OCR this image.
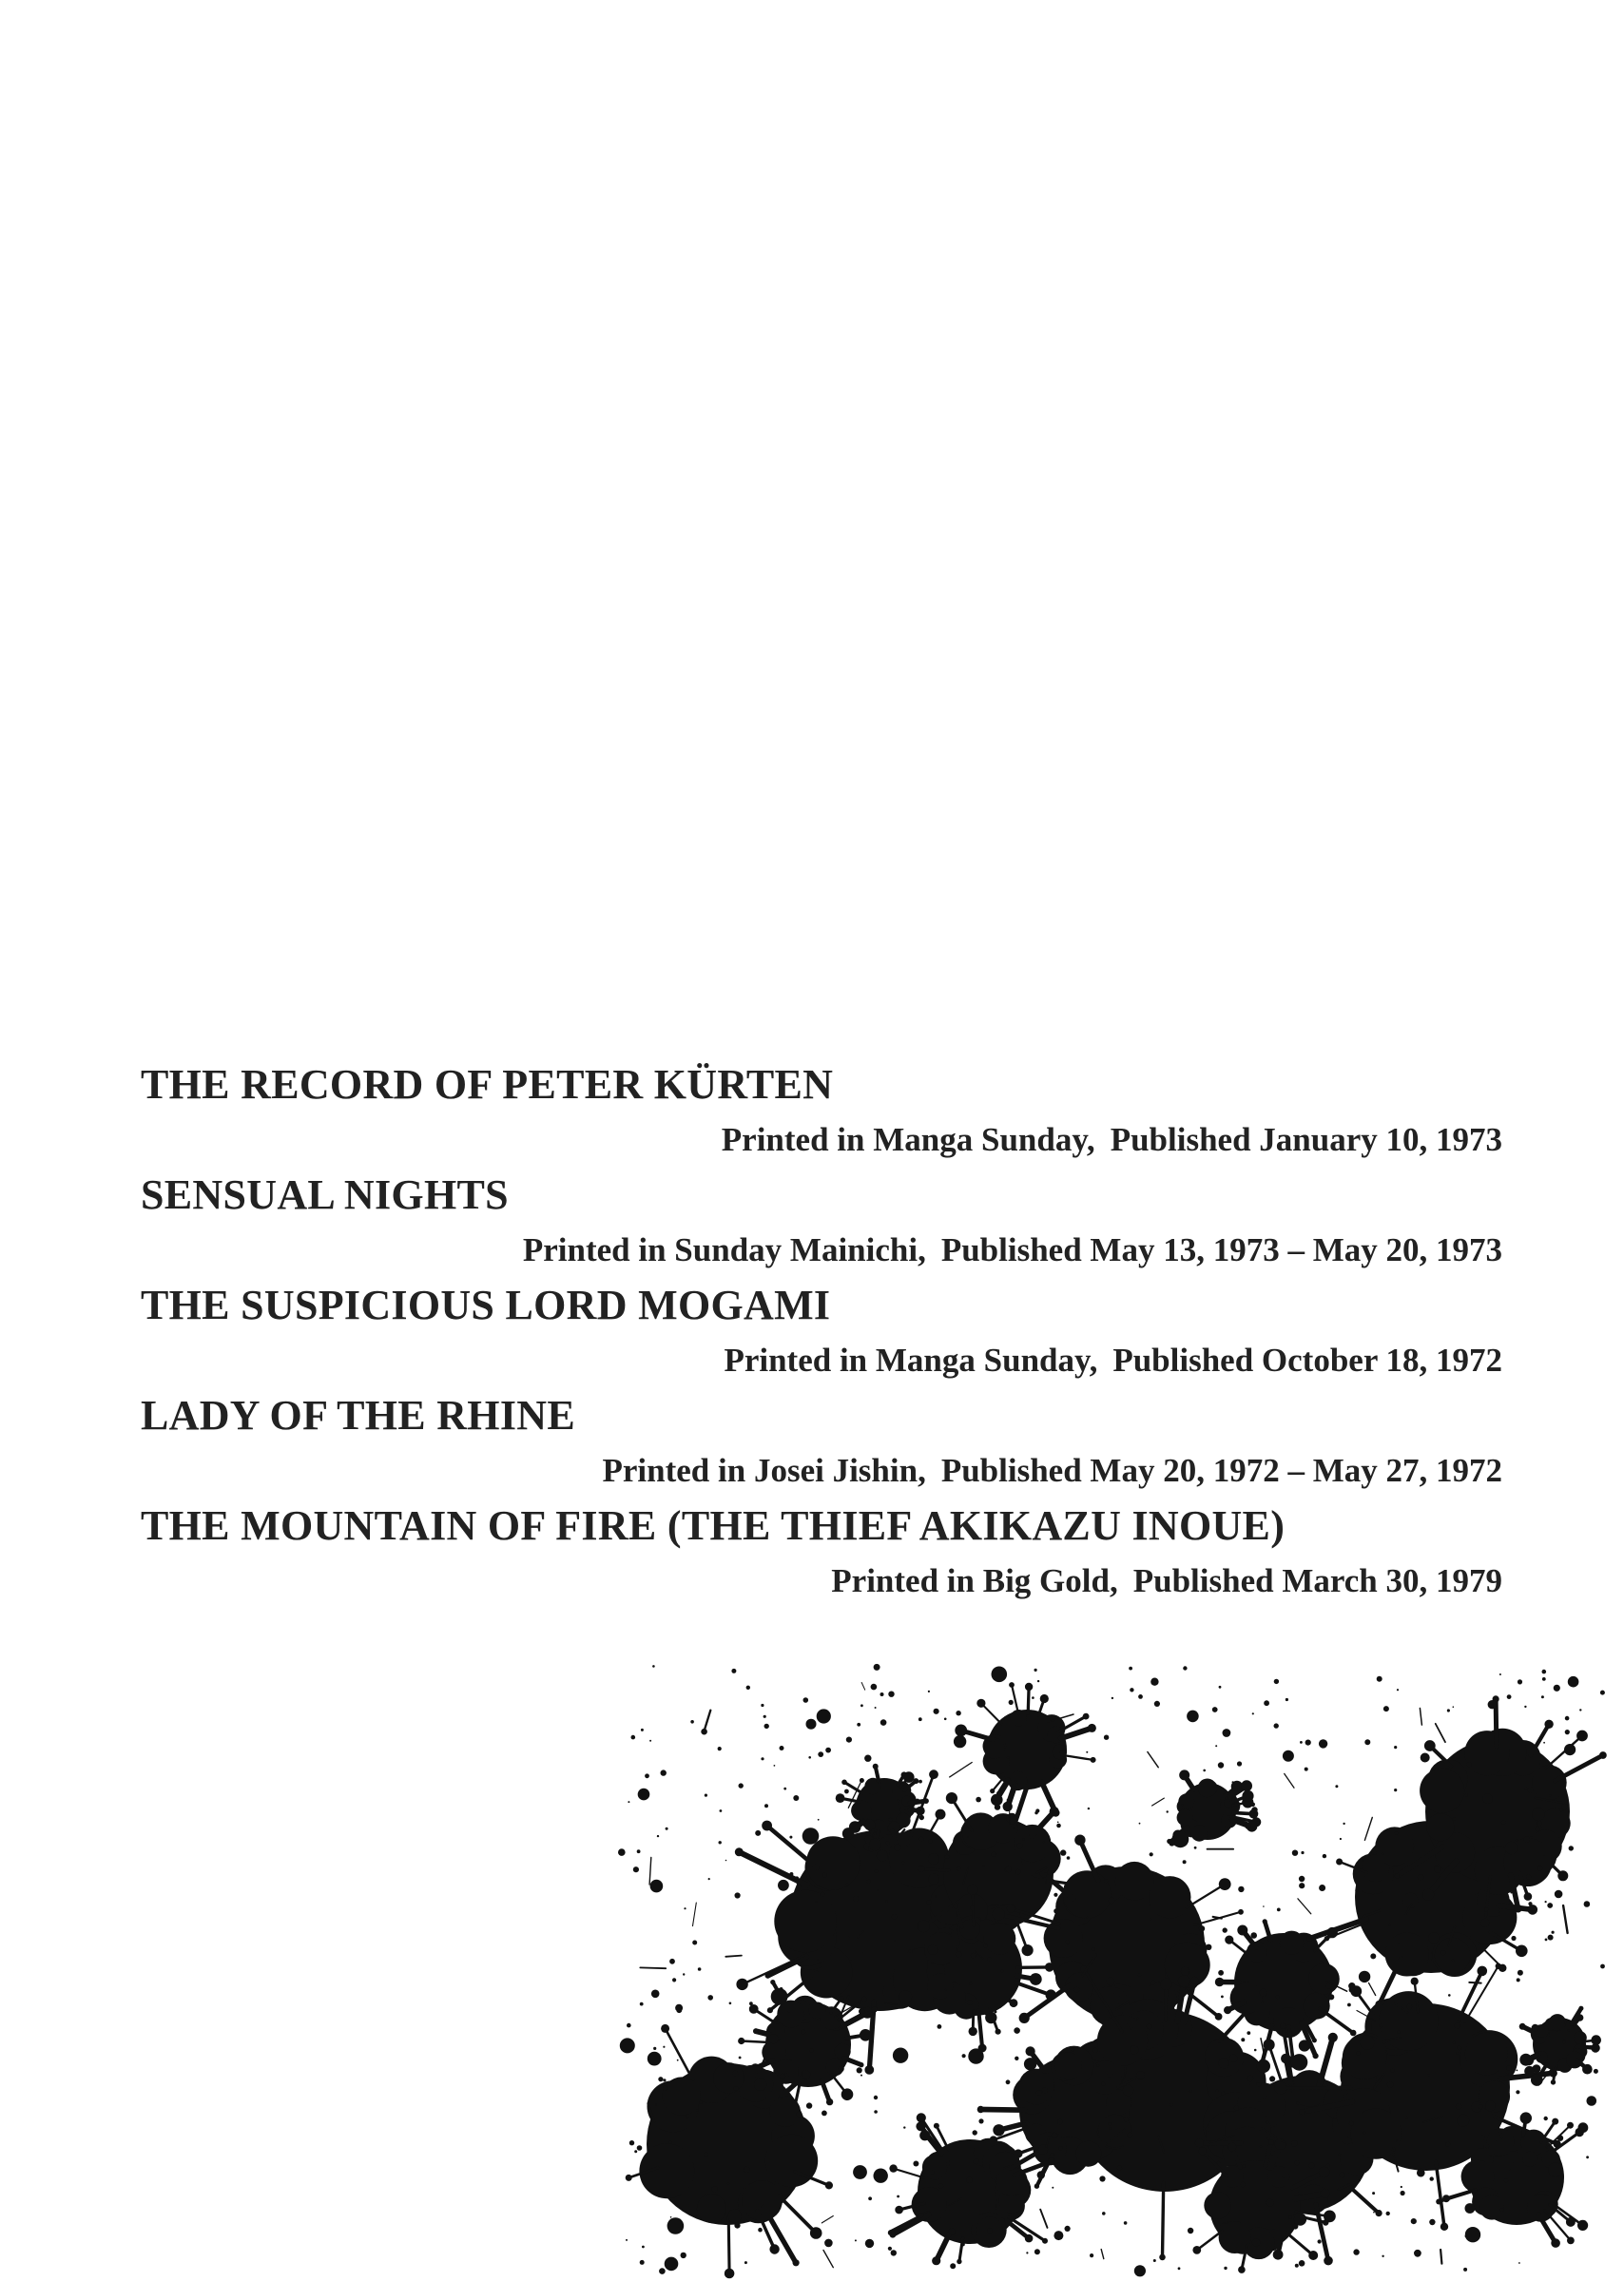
THE RECORD OF PETER KÜRTEN
Printed in Manga Sunday, Published January 10, 1973
SENSUAL NIGHTS
Printed in Sunday Mainichi, Published May 13, 1973 – May 20, 1973
THE SUSPICIOUS LORD MOGAMI
Printed in Manga Sunday, Published October 18, 1972
LADY OF THE RHINE
Printed in Josei Jishin, Published May 20, 1972 – May 27, 1972
THE MOUNTAIN OF FIRE (THE THIEF AKIKAZU INOUE)
Printed in Big Gold, Published March 30, 1979
